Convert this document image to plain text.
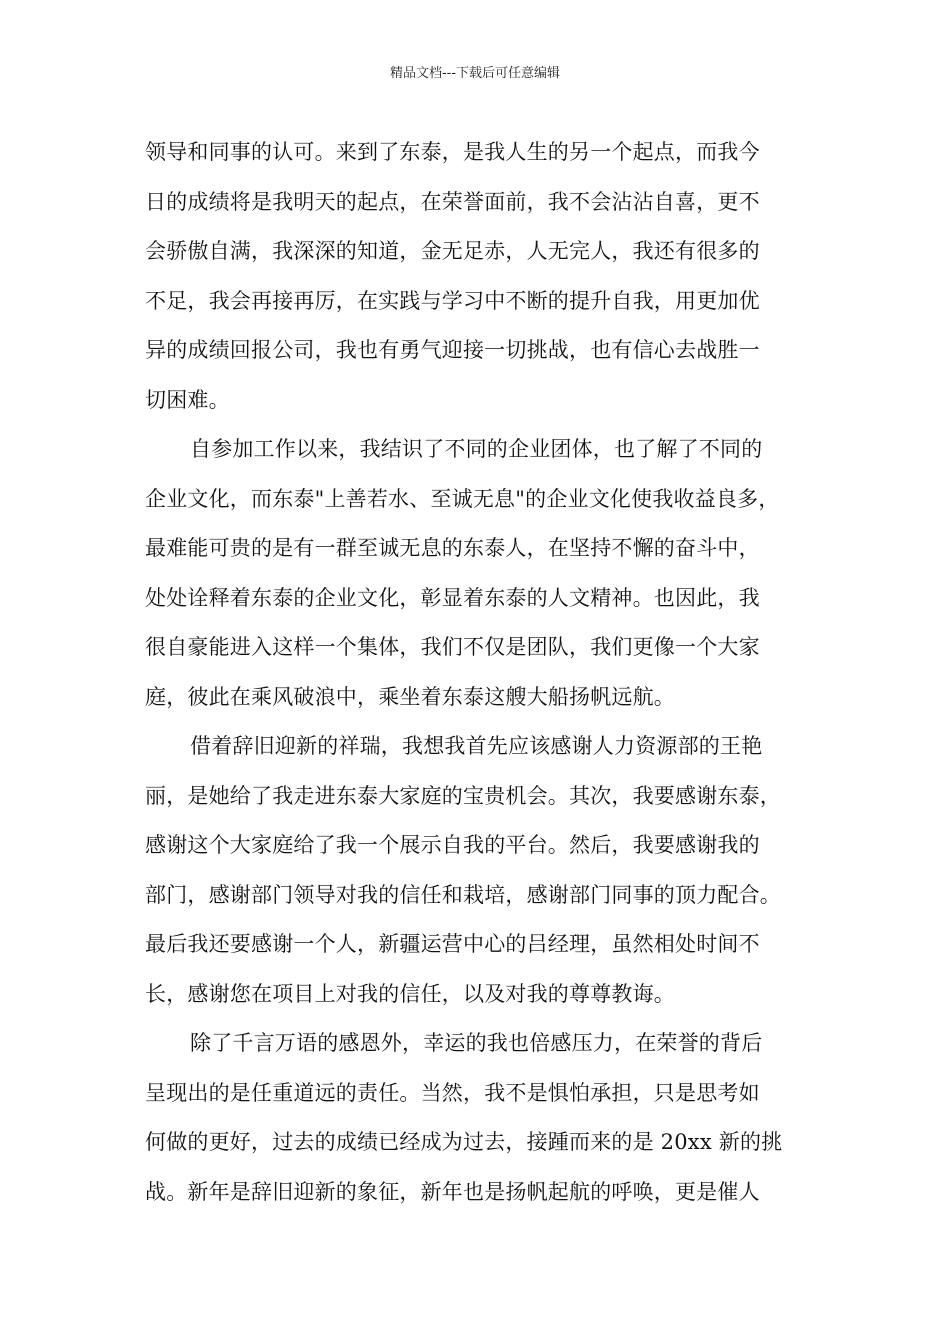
精品文档---下载后可任意编辑
领导和同事的认可。来到了东泰，是我人生的另一个起点，而我今
日的成绩将是我明天的起点，在荣誉面前，我不会沾沾自喜，更不
会骄傲自满，我深深的知道，金无足赤，人无完人，我还有很多的
不足，我会再接再厉，在实践与学习中不断的提升自我，用更加优
异的成绩回报公司，我也有勇气迎接一切挑战，也有信心去战胜一
切困难。
自参加工作以来，我结识了不同的企业团体，也了解了不同的
企业文化，而东泰"上善若水、至诚无息"的企业文化使我收益良多，
最难能可贵的是有一群至诚无息的东泰人，在坚持不懈的奋斗中，
处处诠释着东泰的企业文化，彰显着东泰的人文精神。也因此，我
很自豪能进入这样一个集体，我们不仅是团队，我们更像一个大家
庭，彼此在乘风破浪中，乘坐着东泰这艘大船扬帆远航。
借着辞旧迎新的祥瑞，我想我首先应该感谢人力资源部的王艳
丽，是她给了我走进东泰大家庭的宝贵机会。其次，我要感谢东泰，
感谢这个大家庭给了我一个展示自我的平台。然后，我要感谢我的
部门，感谢部门领导对我的信任和栽培，感谢部门同事的顶力配合。
最后我还要感谢一个人，新疆运营中心的吕经理，虽然相处时间不
长，感谢您在项目上对我的信任，以及对我的尊尊教诲。
除了千言万语的感恩外，幸运的我也倍感压力，在荣誉的背后
呈现出的是任重道远的责任。当然，我不是惧怕承担，只是思考如
何做的更好，过去的成绩已经成为过去，接踵而来的是 20xx 新的挑
战。新年是辞旧迎新的象征，新年也是扬帆起航的呼唤，更是催人
